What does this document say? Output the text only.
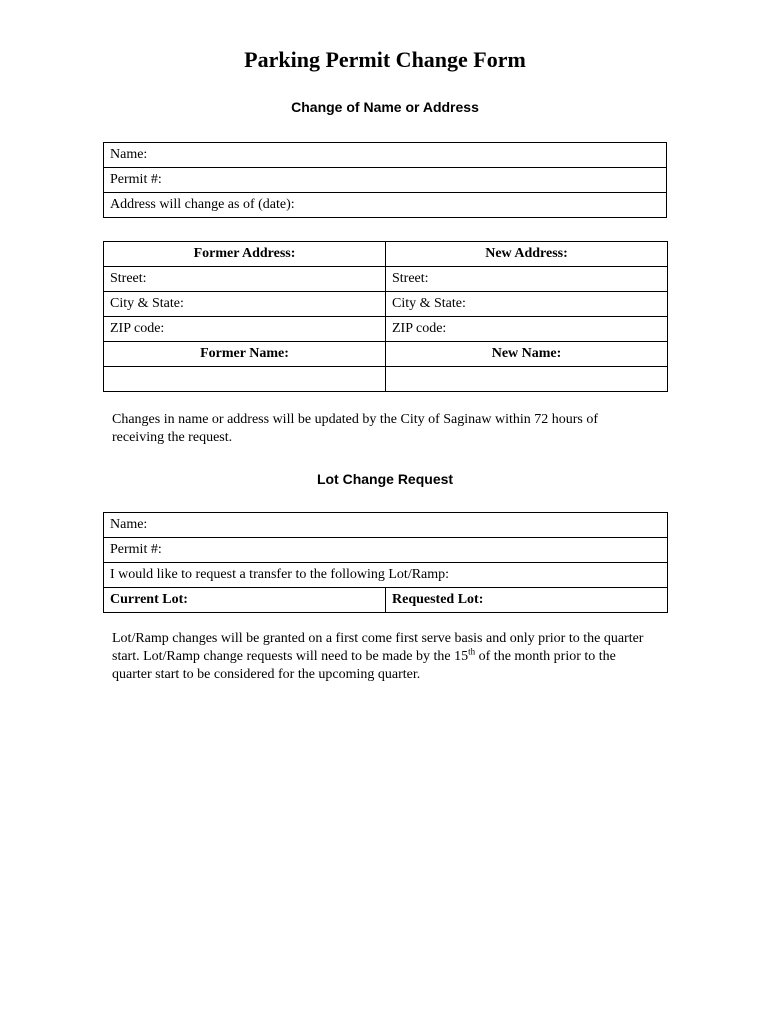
Parking Permit Change Form
Change of Name or Address
Name:
Permit #:
Address will change as of (date):
Former Address:	New Address:
Street:	Street:
City & State:	City & State:
ZIP code:	ZIP code:
Former Name:	New Name:

Changes in name or address will be updated by the City of Saginaw within 72 hours of receiving the request.
Lot Change Request
Name:
Permit #:
I would like to request a transfer to the following Lot/Ramp:
Current Lot:	Requested Lot:
Lot/Ramp changes will be granted on a first come first serve basis and only prior to the quarter start. Lot/Ramp change requests will need to be made by the 15th of the month prior to the quarter start to be considered for the upcoming quarter.
